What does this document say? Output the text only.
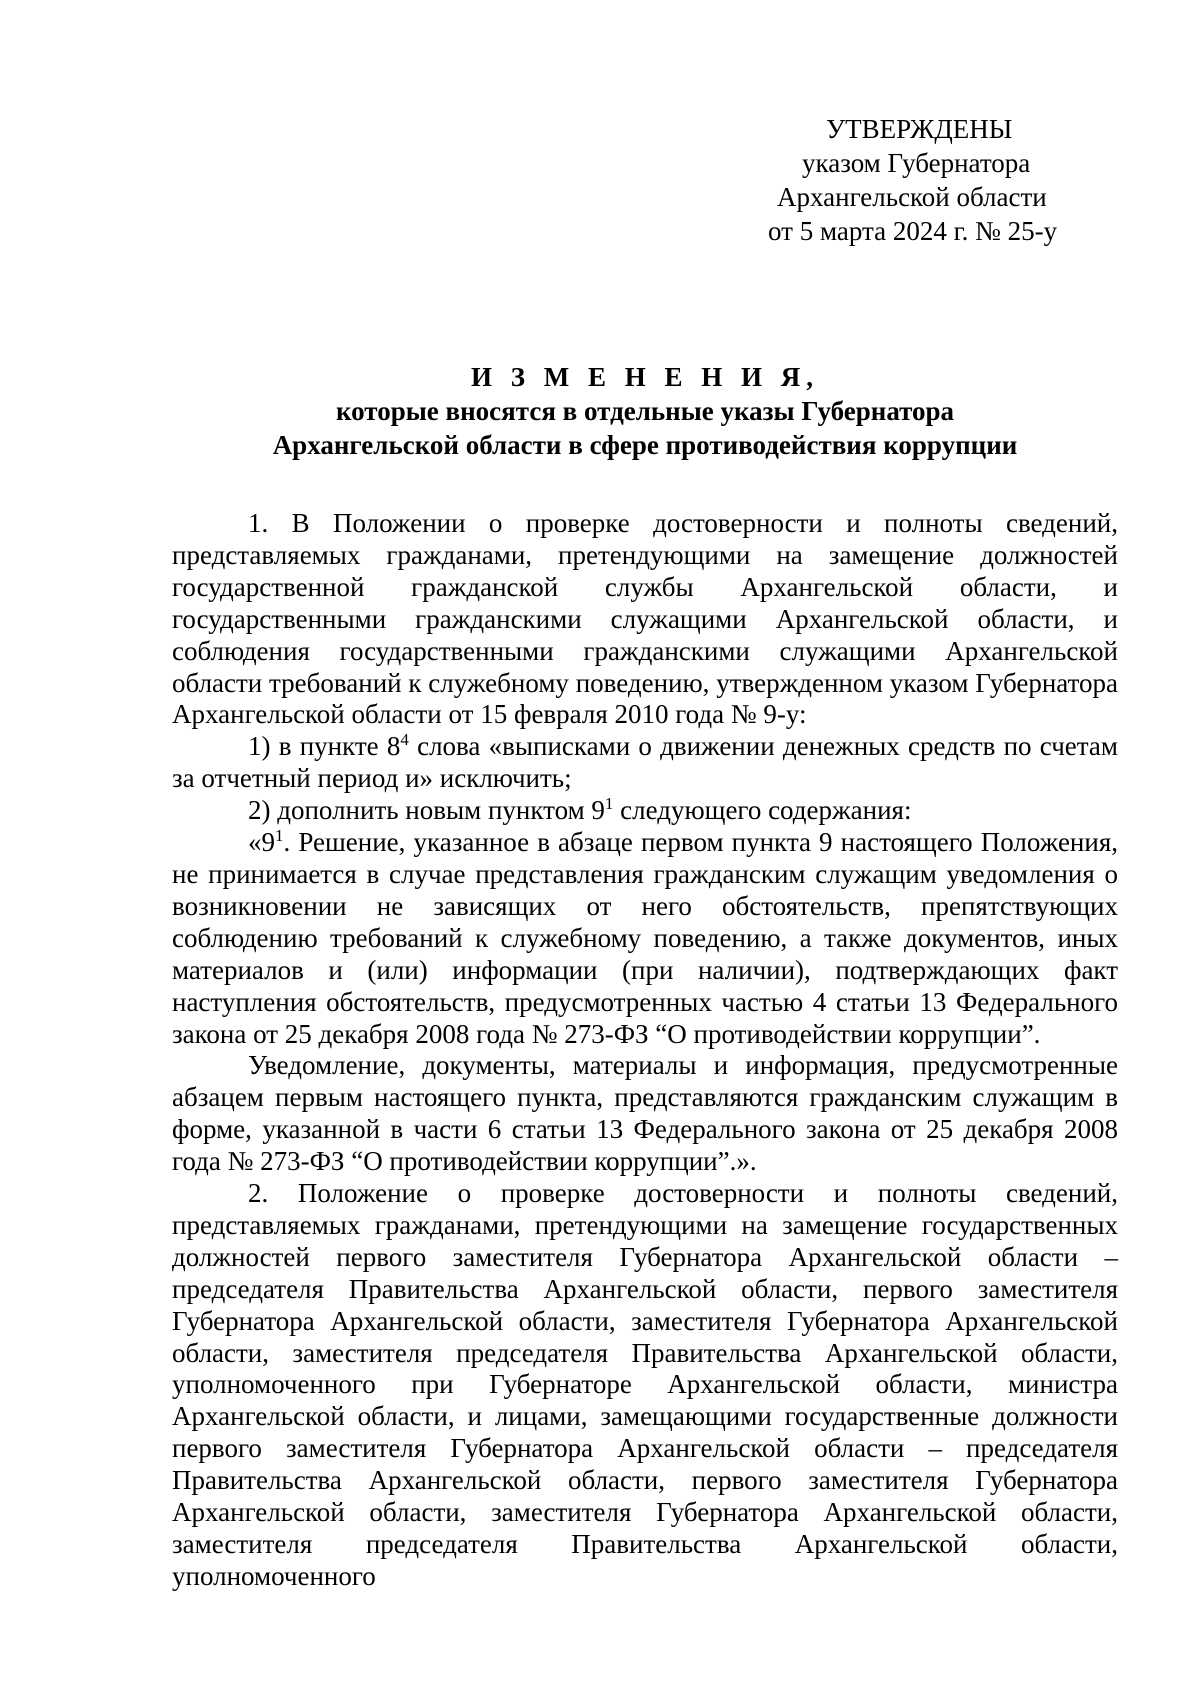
УТВЕРЖДЕНЫ
указом Губернатора
Архангельской области
от 5 марта 2024 г. № 25-у
И З М Е Н Е Н И Я,
которые вносятся в отдельные указы Губернатора
Архангельской области в сфере противодействия коррупции

1. В Положении о проверке достоверности и полноты сведений, представляемых гражданами, претендующими на замещение должностей государственной гражданской службы Архангельской области, и государственными гражданскими служащими Архангельской области, и соблюдения государственными гражданскими служащими Архангельской области требований к служебному поведению, утвержденном указом Губернатора Архангельской области от 15 февраля 2010 года № 9-у:

1) в пункте $8^4$ слова «выписками о движении денежных средств по счетам за отчетный период и» исключить;

2) дополнить новым пунктом $9^1$ следующего содержания:

«$9^1$. Решение, указанное в абзаце первом пункта 9 настоящего Положения, не принимается в случае представления гражданским служащим уведомления о возникновении не зависящих от него обстоятельств, препятствующих соблюдению требований к служебному поведению, а также документов, иных материалов и (или) информации (при наличии), подтверждающих факт наступления обстоятельств, предусмотренных частью 4 статьи 13 Федерального закона от 25 декабря 2008 года № 273-ФЗ “О противодействии коррупции”.

Уведомление, документы, материалы и информация, предусмотренные абзацем первым настоящего пункта, представляются гражданским служащим в форме, указанной в части 6 статьи 13 Федерального закона от 25 декабря 2008 года № 273-ФЗ “О противодействии коррупции”.».

2. Положение о проверке достоверности и полноты сведений, представляемых гражданами, претендующими на замещение государственных должностей первого заместителя Губернатора Архангельской области – председателя Правительства Архангельской области, первого заместителя Губернатора Архангельской области, заместителя Губернатора Архангельской области, заместителя председателя Правительства Архангельской области, уполномоченного при Губернаторе Архангельской области, министра Архангельской области, и лицами, замещающими государственные должности первого заместителя Губернатора Архангельской области – председателя Правительства Архангельской области, первого заместителя Губернатора Архангельской области, заместителя Губернатора Архангельской области, заместителя председателя Правительства Архангельской области, уполномоченного
